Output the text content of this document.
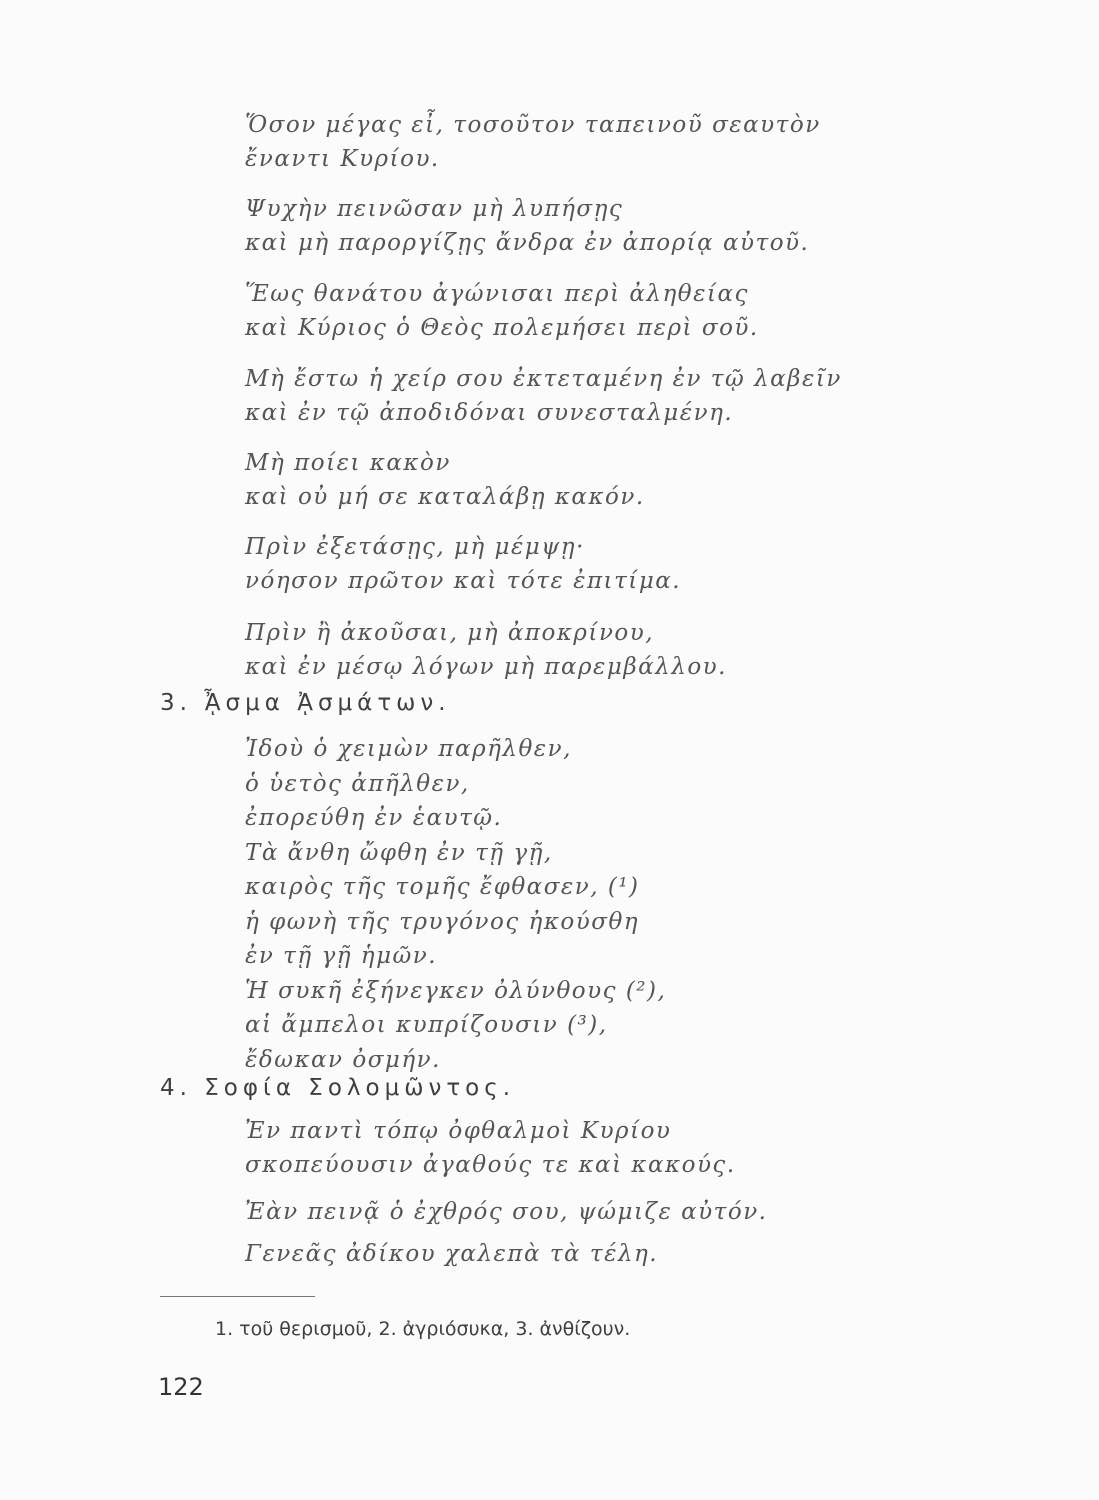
Ὅσον μέγας εἶ, τοσοῦτον ταπεινοῦ σεαυτὸν
ἔναντι Κυρίου.
Ψυχὴν πεινῶσαν μὴ λυπήσῃς
καὶ μὴ παροργίζῃς ἄνδρα ἐν ἀπορίᾳ αὐτοῦ.
Ἕως θανάτου ἀγώνισαι περὶ ἀληθείας
καὶ Κύριος ὁ Θεὸς πολεμήσει περὶ σοῦ.
Μὴ ἔστω ἡ χείρ σου ἐκτεταμένη ἐν τῷ λαβεῖν
καὶ ἐν τῷ ἀποδιδόναι συνεσταλμένη.
Μὴ ποίει κακὸν
καὶ οὐ μή σε καταλάβῃ κακόν.
Πρὶν ἐξετάσῃς, μὴ μέμψῃ·
νόησον πρῶτον καὶ τότε ἐπιτίμα.
Πρὶν ἢ ἀκοῦσαι, μὴ ἀποκρίνου,
καὶ ἐν μέσῳ λόγων μὴ παρεμβάλλου.
3. ᾎσμα ᾈσμάτων.
Ἰδοὺ ὁ χειμὼν παρῆλθεν,
ὁ ὑετὸς ἀπῆλθεν,
ἐπορεύθη ἐν ἑαυτῷ.
Τὰ ἄνθη ὤφθη ἐν τῇ γῇ,
καιρὸς τῆς τομῆς ἔφθασεν, (¹)
ἡ φωνὴ τῆς τρυγόνος ἠκούσθη
ἐν τῇ γῇ ἡμῶν.
Ἡ συκῆ ἐξήνεγκεν ὀλύνθους (²),
αἱ ἄμπελοι κυπρίζουσιν (³),
ἔδωκαν ὀσμήν.
4. Σοφία Σολομῶντος.
Ἐν παντὶ τόπῳ ὀφθαλμοὶ Κυρίου
σκοπεύουσιν ἀγαθούς τε καὶ κακούς.
Ἐὰν πεινᾷ ὁ ἐχθρός σου, ψώμιζε αὐτόν.
Γενεᾶς ἀδίκου χαλεπὰ τὰ τέλη.
1. τοῦ θερισμοῦ, 2. ἀγριόσυκα, 3. ἀνθίζουν.
122
